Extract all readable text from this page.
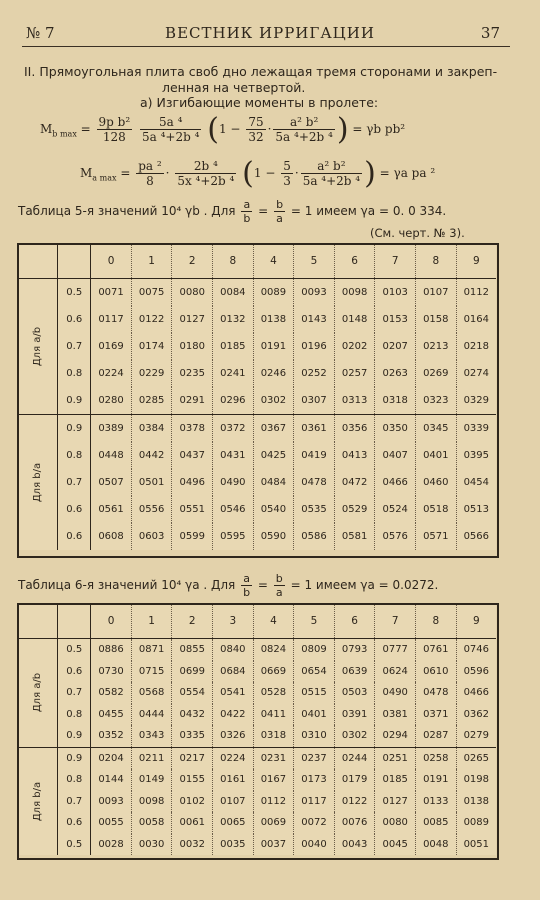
№ 7	ВЕСТНИК ИРРИГАЦИИ	37
II. Прямоугольная плита своб дно лежащая тремя сторонами и закреп-
ленная на четвертой.
а) Изгибающие моменты в пролете:
$M_{b max} = \frac{\text{9p b²}}{128}$
$\frac{\text{5a ⁴}}{\text{5a ⁴+2b ⁴}} (1 - \frac{75}{32} \cdot \frac{\text{a² b²}}{\text{5a ⁴+2b ⁴}}$ ) = γb pb²
$M_{a max} = \frac{\text{pa ²}}{8} \cdot \frac{\text{2b ⁴}}{\text{5x ⁴+2b ⁴}} (1 - \frac{5}{3} \cdot \frac{\text{a² b²}}{\text{5a ⁴+2b ⁴}}$ ) = γa pa ²
Таблица 5-я значений 10⁴ γb . Для $\frac{a}{b} = \frac{b}{a} = 1$ имеем γa = 0. 0 334.
(См. черт. № 3).
		0	1	2	8	4	5	6	7	8	9
Для a/b	0.5	0071	0075	0080	0084	0089	0093	0098	0103	0107	0112
	0.6	0117	0122	0127	0132	0138	0143	0148	0153	0158	0164
	0.7	0169	0174	0180	0185	0191	0196	0202	0207	0213	0218
	0.8	0224	0229	0235	0241	0246	0252	0257	0263	0269	0274
	0.9	0280	0285	0291	0296	0302	0307	0313	0318	0323	0329
Для b/a	0.9	0389	0384	0378	0372	0367	0361	0356	0350	0345	0339
	0.8	0448	0442	0437	0431	0425	0419	0413	0407	0401	0395
	0.7	0507	0501	0496	0490	0484	0478	0472	0466	0460	0454
	0.6	0561	0556	0551	0546	0540	0535	0529	0524	0518	0513
	0.6	0608	0603	0599	0595	0590	0586	0581	0576	0571	0566
Таблица 6-я значений 10⁴ γa . Для $\frac{a}{b} = \frac{b}{a} = 1$ имеем γa = 0.0272.
		0	1	2	3	4	5	6	7	8	9
Для a/b	0.5	0886	0871	0855	0840	0824	0809	0793	0777	0761	0746
	0.6	0730	0715	0699	0684	0669	0654	0639	0624	0610	0596
	0.7	0582	0568	0554	0541	0528	0515	0503	0490	0478	0466
	0.8	0455	0444	0432	0422	0411	0401	0391	0381	0371	0362
	0.9	0352	0343	0335	0326	0318	0310	0302	0294	0287	0279
Для b/a	0.9	0204	0211	0217	0224	0231	0237	0244	0251	0258	0265
	0.8	0144	0149	0155	0161	0167	0173	0179	0185	0191	0198
	0.7	0093	0098	0102	0107	0112	0117	0122	0127	0133	0138
	0.6	0055	0058	0061	0065	0069	0072	0076	0080	0085	0089
	0.5	0028	0030	0032	0035	0037	0040	0043	0045	0048	0051
